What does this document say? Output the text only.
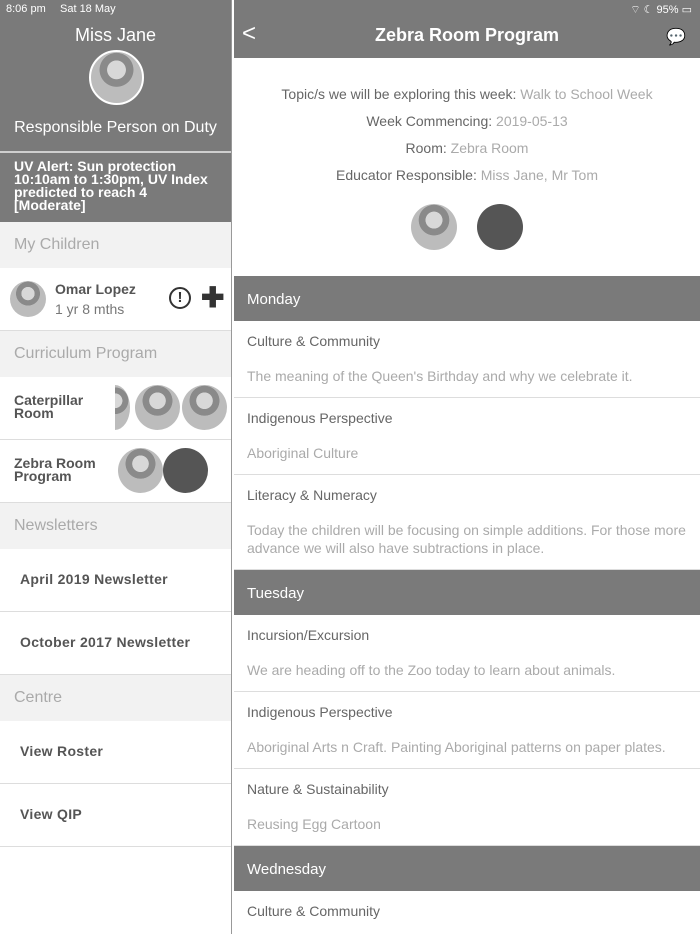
8:06 pm Sat 18 May
Miss Jane
Responsible Person on Duty
UV Alert: Sun protection 10:10am to 1:30pm, UV Index predicted to reach 4 [Moderate]
My Children
Omar Lopez
1 yr 8 mths
! ✚
Curriculum Program
Caterpillar Room
Zebra Room Program
Newsletters
April 2019 Newsletter
October 2017 Newsletter
Centre
View Roster
View QIP
⌔ ☾ 95% ▭
<	Zebra Room Program	💬

Topic/s we will be exploring this week: Walk to School Week

Week Commencing: 2019-05-13

Room: Zebra Room

Educator Responsible: Miss Jane, Mr Tom

Monday
Culture & Community
The meaning of the Queen's Birthday and why we celebrate it.
Indigenous Perspective
Aboriginal Culture
Literacy & Numeracy
Today the children will be focusing on simple additions. For those more advance we will also have subtractions in place.
Tuesday
Incursion/Excursion
We are heading off to the Zoo today to learn about animals.
Indigenous Perspective
Aboriginal Arts n Craft. Painting Aboriginal patterns on paper plates.
Nature & Sustainability
Reusing Egg Cartoon
Wednesday
Culture & Community
